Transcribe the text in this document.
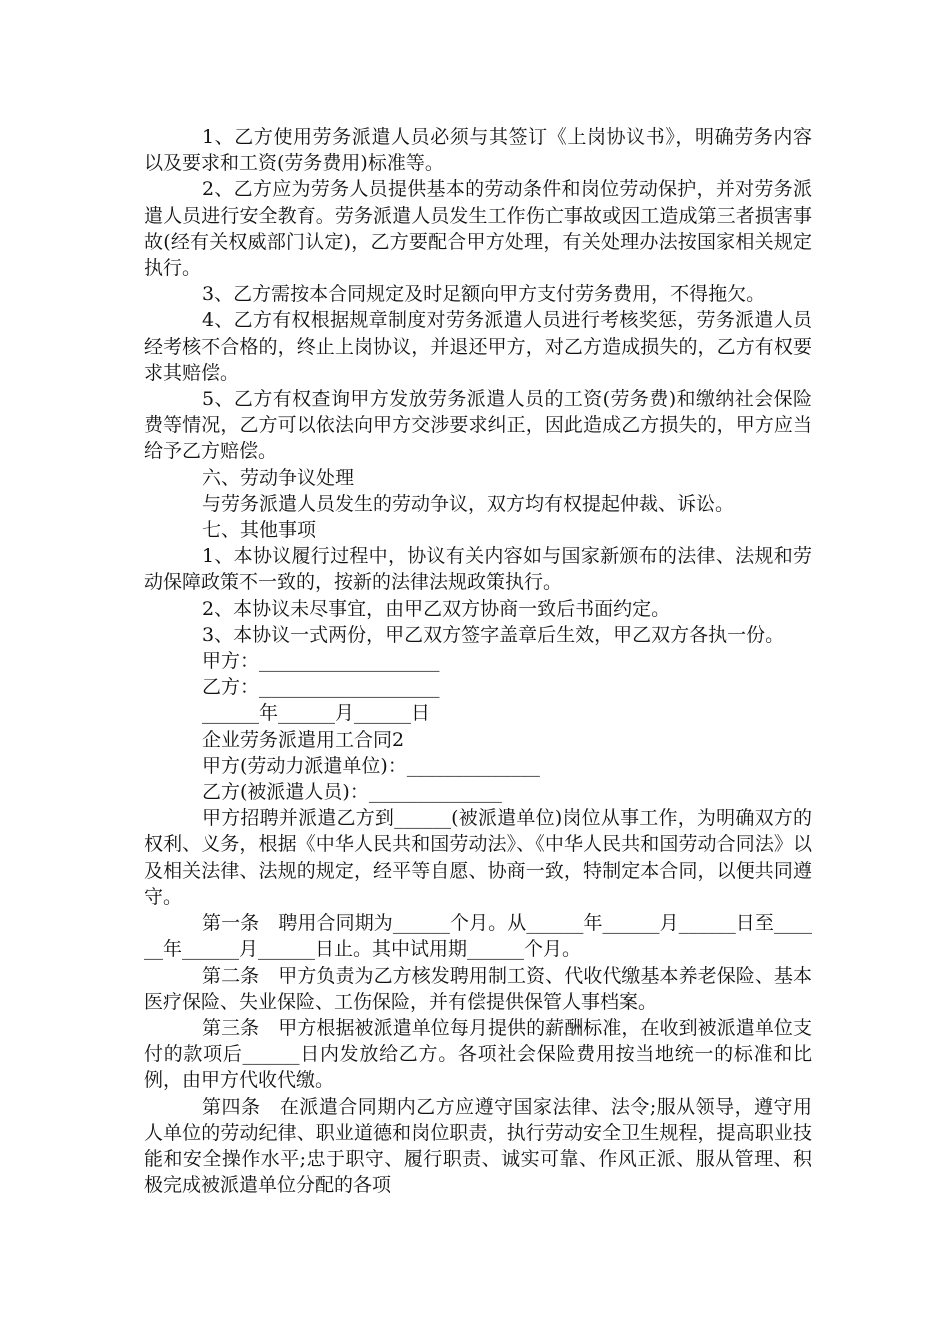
1、乙方使用劳务派遣人员必须与其签订《上岗协议书》，明确劳务内容以及要求和工资(劳务费用)标准等。

2、乙方应为劳务人员提供基本的劳动条件和岗位劳动保护，并对劳务派遣人员进行安全教育。劳务派遣人员发生工作伤亡事故或因工造成第三者损害事故(经有关权威部门认定)，乙方要配合甲方处理，有关处理办法按国家相关规定执行。

3、乙方需按本合同规定及时足额向甲方支付劳务费用，不得拖欠。

4、乙方有权根据规章制度对劳务派遣人员进行考核奖惩，劳务派遣人员经考核不合格的，终止上岗协议，并退还甲方，对乙方造成损失的，乙方有权要求其赔偿。

5、乙方有权查询甲方发放劳务派遣人员的工资(劳务费)和缴纳社会保险费等情况，乙方可以依法向甲方交涉要求纠正，因此造成乙方损失的，甲方应当给予乙方赔偿。

六、劳动争议处理

与劳务派遣人员发生的劳动争议，双方均有权提起仲裁、诉讼。

七、其他事项

1、本协议履行过程中，协议有关内容如与国家新颁布的法律、法规和劳动保障政策不一致的，按新的法律法规政策执行。

2、本协议未尽事宜，由甲乙双方协商一致后书面约定。

3、本协议一式两份，甲乙双方签字盖章后生效，甲乙双方各执一份。

甲方：___________________

乙方：___________________

______年______月______日

企业劳务派遣用工合同2

甲方(劳动力派遣单位)：______________

乙方(被派遣人员)：______________

甲方招聘并派遣乙方到______(被派遣单位)岗位从事工作，为明确双方的权利、义务，根据《中华人民共和国劳动法》、《中华人民共和国劳动合同法》以及相关法律、法规的规定，经平等自愿、协商一致，特制定本合同，以便共同遵守。

第一条　聘用合同期为______个月。从______年______月______日至______年______月______日止。其中试用期______个月。

第二条　甲方负责为乙方核发聘用制工资、代收代缴基本养老保险、基本医疗保险、失业保险、工伤保险，并有偿提供保管人事档案。

第三条　甲方根据被派遣单位每月提供的薪酬标准，在收到被派遣单位支付的款项后______日内发放给乙方。各项社会保险费用按当地统一的标准和比例，由甲方代收代缴。

第四条　在派遣合同期内乙方应遵守国家法律、法令;服从领导，遵守用人单位的劳动纪律、职业道德和岗位职责，执行劳动安全卫生规程，提高职业技能和安全操作水平;忠于职守、履行职责、诚实可靠、作风正派、服从管理、积极完成被派遣单位分配的各项
